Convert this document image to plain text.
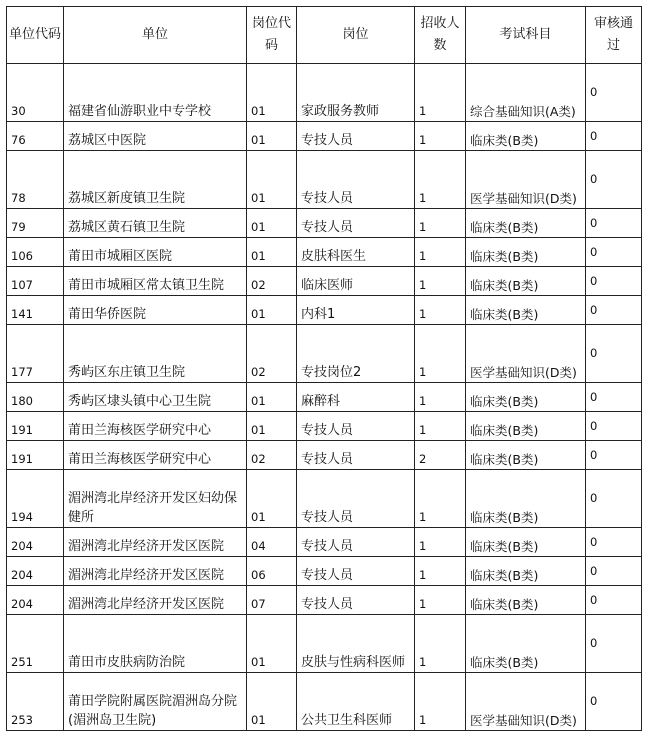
单位代码	单位	岗位代码	岗位	招收人数	考试科目	审核通过
30	福建省仙游职业中专学校	01	家政服务教师	1	综合基础知识(A类)	0
76	荔城区中医院	01	专技人员	1	临床类(B类)	0
78	荔城区新度镇卫生院	01	专技人员	1	医学基础知识(D类)	0
79	荔城区黄石镇卫生院	01	专技人员	1	临床类(B类)	0
106	莆田市城厢区医院	01	皮肤科医生	1	临床类(B类)	0
107	莆田市城厢区常太镇卫生院	02	临床医师	1	临床类(B类)	0
141	莆田华侨医院	01	内科1	1	临床类(B类)	0
177	秀屿区东庄镇卫生院	02	专技岗位2	1	医学基础知识(D类)	0
180	秀屿区埭头镇中心卫生院	01	麻醉科	1	临床类(B类)	0
191	莆田兰海核医学研究中心	01	专技人员	1	临床类(B类)	0
191	莆田兰海核医学研究中心	02	专技人员	2	临床类(B类)	0
194	湄洲湾北岸经济开发区妇幼保健所	01	专技人员	1	临床类(B类)	0
204	湄洲湾北岸经济开发区医院	04	专技人员	1	临床类(B类)	0
204	湄洲湾北岸经济开发区医院	06	专技人员	1	临床类(B类)	0
204	湄洲湾北岸经济开发区医院	07	专技人员	1	临床类(B类)	0
251	莆田市皮肤病防治院	01	皮肤与性病科医师	1	临床类(B类)	0
253	莆田学院附属医院湄洲岛分院(湄洲岛卫生院)	01	公共卫生科医师	1	医学基础知识(D类)	0
